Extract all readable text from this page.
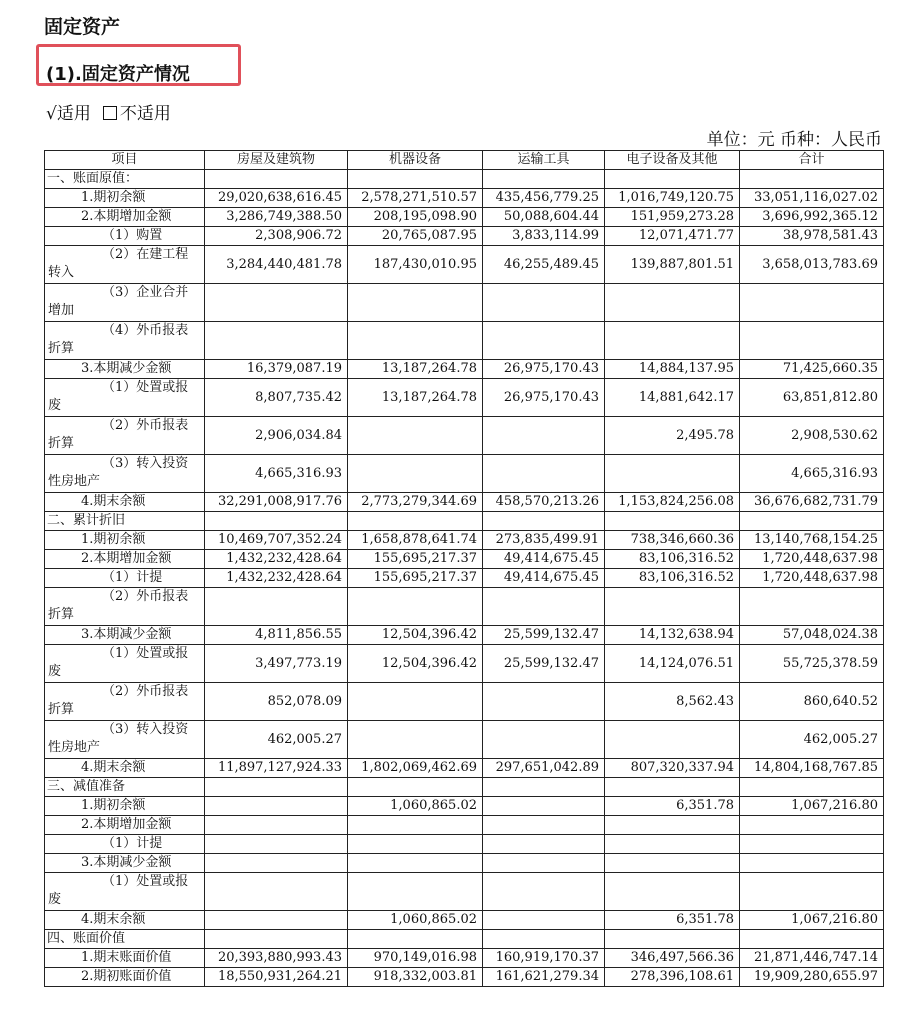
固定资产
(1).固定资产情况
√适用 不适用
单位：元 币种：人民币
项目	房屋及建筑物	机器设备	运输工具	电子设备及其他	合计
一、账面原值：					
1.期初余额	29,020,638,616.45	2,578,271,510.57	435,456,779.25	1,016,749,120.75	33,051,116,027.02
2.本期增加金额	3,286,749,388.50	208,195,098.90	50,088,604.44	151,959,273.28	3,696,992,365.12
（1）购置	2,308,906.72	20,765,087.95	3,833,114.99	12,071,471.77	38,978,581.43

（2）在建工程
转入	3,284,440,481.78	187,430,010.95	46,255,489.45	139,887,801.51	3,658,013,783.69

（3）企业合并
增加					

（4）外币报表
折算					

3.本期减少金额	16,379,087.19	13,187,264.78	26,975,170.43	14,884,137.95	71,425,660.35

（1）处置或报
废	8,807,735.42	13,187,264.78	26,975,170.43	14,881,642.17	63,851,812.80

（2）外币报表
折算	2,906,034.84			2,495.78	2,908,530.62

（3）转入投资
性房地产	4,665,316.93				4,665,316.93
4.期末余额	32,291,008,917.76	2,773,279,344.69	458,570,213.26	1,153,824,256.08	36,676,682,731.79
二、累计折旧					
1.期初余额	10,469,707,352.24	1,658,878,641.74	273,835,499.91	738,346,660.36	13,140,768,154.25
2.本期增加金额	1,432,232,428.64	155,695,217.37	49,414,675.45	83,106,316.52	1,720,448,637.98
（1）计提	1,432,232,428.64	155,695,217.37	49,414,675.45	83,106,316.52	1,720,448,637.98

（2）外币报表
折算					

3.本期减少金额	4,811,856.55	12,504,396.42	25,599,132.47	14,132,638.94	57,048,024.38

（1）处置或报
废	3,497,773.19	12,504,396.42	25,599,132.47	14,124,076.51	55,725,378.59

（2）外币报表
折算	852,078.09			8,562.43	860,640.52

（3）转入投资
性房地产	462,005.27				462,005.27
4.期末余额	11,897,127,924.33	1,802,069,462.69	297,651,042.89	807,320,337.94	14,804,168,767.85
三、减值准备					
1.期初余额		1,060,865.02		6,351.78	1,067,216.80
2.本期增加金额					
（1）计提					
3.本期减少金额					

（1）处置或报
废					

4.期末余额		1,060,865.02		6,351.78	1,067,216.80
四、账面价值					
1.期末账面价值	20,393,880,993.43	970,149,016.98	160,919,170.37	346,497,566.36	21,871,446,747.14
2.期初账面价值	18,550,931,264.21	918,332,003.81	161,621,279.34	278,396,108.61	19,909,280,655.97
